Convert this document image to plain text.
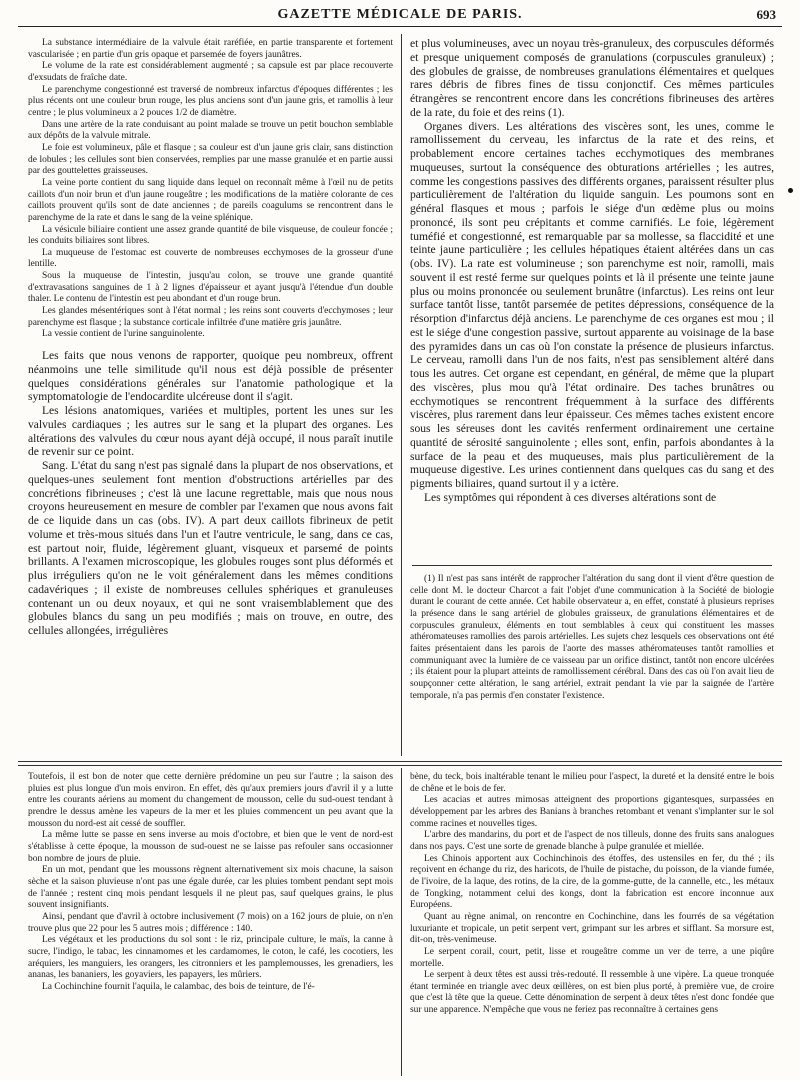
GAZETTE MÉDICALE DE PARIS.	693

La substance intermédiaire de la valvule était raréfiée, en partie transparente et fortement vascularisée ; en partie d'un gris opaque et parsemée de foyers jaunâtres.

Le volume de la rate est considérablement augmenté ; sa capsule est par place recouverte d'exsudats de fraîche date.

Le parenchyme congestionné est traversé de nombreux infarctus d'époques différentes ; les plus récents ont une couleur brun rouge, les plus anciens sont d'un jaune gris, et ramollis à leur centre ; le plus volumineux a 2 pouces 1/2 de diamètre.

Dans une artère de la rate conduisant au point malade se trouve un petit bouchon semblable aux dépôts de la valvule mitrale.

Le foie est volumineux, pâle et flasque ; sa couleur est d'un jaune gris clair, sans distinction de lobules ; les cellules sont bien conservées, remplies par une masse granulée et en partie aussi par des gouttelettes graisseuses.

La veine porte contient du sang liquide dans lequel on reconnaît même à l'œil nu de petits caillots d'un noir brun et d'un jaune rougeâtre ; les modifications de la matière colorante de ces caillots prouvent qu'ils sont de date anciennes ; de pareils coagulums se rencontrent dans le parenchyme de la rate et dans le sang de la veine splénique.

La vésicule biliaire contient une assez grande quantité de bile visqueuse, de couleur foncée ; les conduits biliaires sont libres.

La muqueuse de l'estomac est couverte de nombreuses ecchymoses de la grosseur d'une lentille.

Sous la muqueuse de l'intestin, jusqu'au colon, se trouve une grande quantité d'extravasations sanguines de 1 à 2 lignes d'épaisseur et ayant jusqu'à l'étendue d'un double thaler. Le contenu de l'intestin est peu abondant et d'un rouge brun.

Les glandes mésentériques sont à l'état normal ; les reins sont couverts d'ecchymoses ; leur parenchyme est flasque ; la substance corticale infiltrée d'une matière gris jaunâtre.

La vessie contient de l'urine sanguinolente.

Les faits que nous venons de rapporter, quoique peu nombreux, offrent néanmoins une telle similitude qu'il nous est déjà possible de présenter quelques considérations générales sur l'anatomie pathologique et la symptomatologie de l'endocardite ulcéreuse dont il s'agit.

Les lésions anatomiques, variées et multiples, portent les unes sur les valvules cardiaques ; les autres sur le sang et la plupart des organes. Les altérations des valvules du cœur nous ayant déjà occupé, il nous paraît inutile de revenir sur ce point.

Sang. L'état du sang n'est pas signalé dans la plupart de nos observations, et quelques-unes seulement font mention d'obstructions artérielles par des concrétions fibrineuses ; c'est là une lacune regrettable, mais que nous nous croyons heureusement en mesure de combler par l'examen que nous avons fait de ce liquide dans un cas (obs. IV). A part deux caillots fibrineux de petit volume et très-mous situés dans l'un et l'autre ventricule, le sang, dans ce cas, est partout noir, fluide, légèrement gluant, visqueux et parsemé de points brillants. A l'examen microscopique, les globules rouges sont plus déformés et plus irréguliers qu'on ne le voit généralement dans les mêmes conditions cadavériques ; il existe de nombreuses cellules sphériques et granuleuses contenant un ou deux noyaux, et qui ne sont vraisemblablement que des globules blancs du sang un peu modifiés ; mais on trouve, en outre, des cellules allongées, irrégulières

et plus volumineuses, avec un noyau très-granuleux, des corpuscules déformés et presque uniquement composés de granulations (corpuscules granuleux) ; des globules de graisse, de nombreuses granulations élémentaires et quelques rares débris de fibres fines de tissu conjonctif. Ces mêmes particules étrangères se rencontrent encore dans les concrétions fibrineuses des artères de la rate, du foie et des reins (1).

Organes divers. Les altérations des viscères sont, les unes, comme le ramollissement du cerveau, les infarctus de la rate et des reins, et probablement encore certaines taches ecchymotiques des membranes muqueuses, surtout la conséquence des obturations artérielles ; les autres, comme les congestions passives des différents organes, paraissent résulter plus particulièrement de l'altération du liquide sanguin. Les poumons sont en général flasques et mous ; parfois le siége d'un œdème plus ou moins prononcé, ils sont peu crépitants et comme carnifiés. Le foie, légèrement tuméfié et congestionné, est remarquable par sa mollesse, sa flaccidité et une teinte jaune particulière ; les cellules hépatiques étaient altérées dans un cas (obs. IV). La rate est volumineuse ; son parenchyme est noir, ramolli, mais souvent il est resté ferme sur quelques points et là il présente une teinte jaune plus ou moins prononcée ou seulement brunâtre (infarctus). Les reins ont leur surface tantôt lisse, tantôt parsemée de petites dépressions, conséquence de la résorption d'infarctus déjà anciens. Le parenchyme de ces organes est mou ; il est le siége d'une congestion passive, surtout apparente au voisinage de la base des pyramides dans un cas où l'on constate la présence de plusieurs infarctus. Le cerveau, ramolli dans l'un de nos faits, n'est pas sensiblement altéré dans tous les autres. Cet organe est cependant, en général, de même que la plupart des viscères, plus mou qu'à l'état ordinaire. Des taches brunâtres ou ecchymotiques se rencontrent fréquemment à la surface des différents viscères, plus rarement dans leur épaisseur. Ces mêmes taches existent encore sous les séreuses dont les cavités renferment ordinairement une certaine quantité de sérosité sanguinolente ; elles sont, enfin, parfois abondantes à la surface de la peau et des muqueuses, mais plus particulièrement de la muqueuse digestive. Les urines contiennent dans quelques cas du sang et des pigments biliaires, quand surtout il y a ictère.

Les symptômes qui répondent à ces diverses altérations sont de

(1) Il n'est pas sans intérêt de rapprocher l'altération du sang dont il vient d'être question de celle dont M. le docteur Charcot a fait l'objet d'une communication à la Société de biologie durant le courant de cette année. Cet habile observateur a, en effet, constaté à plusieurs reprises la présence dans le sang artériel de globules graisseux, de granulations élémentaires et de corpuscules granuleux, éléments en tout semblables à ceux qui constituent les masses athéromateuses ramollies des parois artérielles. Les sujets chez lesquels ces observations ont été faites présentaient dans les parois de l'aorte des masses athéromateuses tantôt ramollies et communiquant avec la lumière de ce vaisseau par un orifice distinct, tantôt non encore ulcérées ; ils étaient pour la plupart atteints de ramollissement cérébral. Dans des cas où l'on avait lieu de soupçonner cette altération, le sang artériel, extrait pendant la vie par la saignée de l'artère temporale, n'a pas permis d'en constater l'existence.

Toutefois, il est bon de noter que cette dernière prédomine un peu sur l'autre ; la saison des pluies est plus longue d'un mois environ. En effet, dès qu'aux premiers jours d'avril il y a lutte entre les courants aériens au moment du changement de mousson, celle du sud-ouest tendant à prendre le dessus amène les vapeurs de la mer et les pluies commencent un peu avant que la mousson du nord-est ait cessé de souffler.

La même lutte se passe en sens inverse au mois d'octobre, et bien que le vent de nord-est s'établisse à cette époque, la mousson de sud-ouest ne se laisse pas refouler sans occasionner bon nombre de jours de pluie.

En un mot, pendant que les moussons règnent alternativement six mois chacune, la saison sèche et la saison pluvieuse n'ont pas une égale durée, car les pluies tombent pendant sept mois de l'année ; restent cinq mois pendant lesquels il ne pleut pas, sauf quelques grains, le plus souvent insignifiants.

Ainsi, pendant que d'avril à octobre inclusivement (7 mois) on a 162 jours de pluie, on n'en trouve plus que 22 pour les 5 autres mois ; différence : 140.

Les végétaux et les productions du sol sont : le riz, principale culture, le maïs, la canne à sucre, l'indigo, le tabac, les cinnamomes et les cardamomes, le coton, le café, les cocotiers, les aréquiers, les manguiers, les orangers, les citronniers et les pamplemousses, les grenadiers, les ananas, les bananiers, les goyaviers, les papayers, les mûriers.

La Cochinchine fournit l'aquila, le calambac, des bois de teinture, de l'é-

bène, du teck, bois inaltérable tenant le milieu pour l'aspect, la dureté et la densité entre le bois de chêne et le bois de fer.

Les acacias et autres mimosas atteignent des proportions gigantesques, surpassées en développement par les arbres des Banians à branches retombant et venant s'implanter sur le sol comme racines et nouvelles tiges.

L'arbre des mandarins, du port et de l'aspect de nos tilleuls, donne des fruits sans analogues dans nos pays. C'est une sorte de grenade blanche à pulpe granulée et miellée.

Les Chinois apportent aux Cochinchinois des étoffes, des ustensiles en fer, du thé ; ils reçoivent en échange du riz, des haricots, de l'huile de pistache, du poisson, de la viande fumée, de l'ivoire, de la laque, des rotins, de la cire, de la gomme-gutte, de la cannelle, etc., les métaux de Tongking, notamment celui des kongs, dont la fabrication est encore inconnue aux Européens.

Quant au règne animal, on rencontre en Cochinchine, dans les fourrés de sa végétation luxuriante et tropicale, un petit serpent vert, grimpant sur les arbres et sifflant. Sa morsure est, dit-on, très-venimeuse.

Le serpent corail, court, petit, lisse et rougeâtre comme un ver de terre, a une piqûre mortelle.

Le serpent à deux têtes est aussi très-redouté. Il ressemble à une vipère. La queue tronquée étant terminée en triangle avec deux œillères, on est bien plus porté, à première vue, de croire que c'est là tête que la queue. Cette dénomination de serpent à deux têtes n'est donc fondée que sur une apparence. N'empêche que vous ne feriez pas reconnaître à certaines gens
